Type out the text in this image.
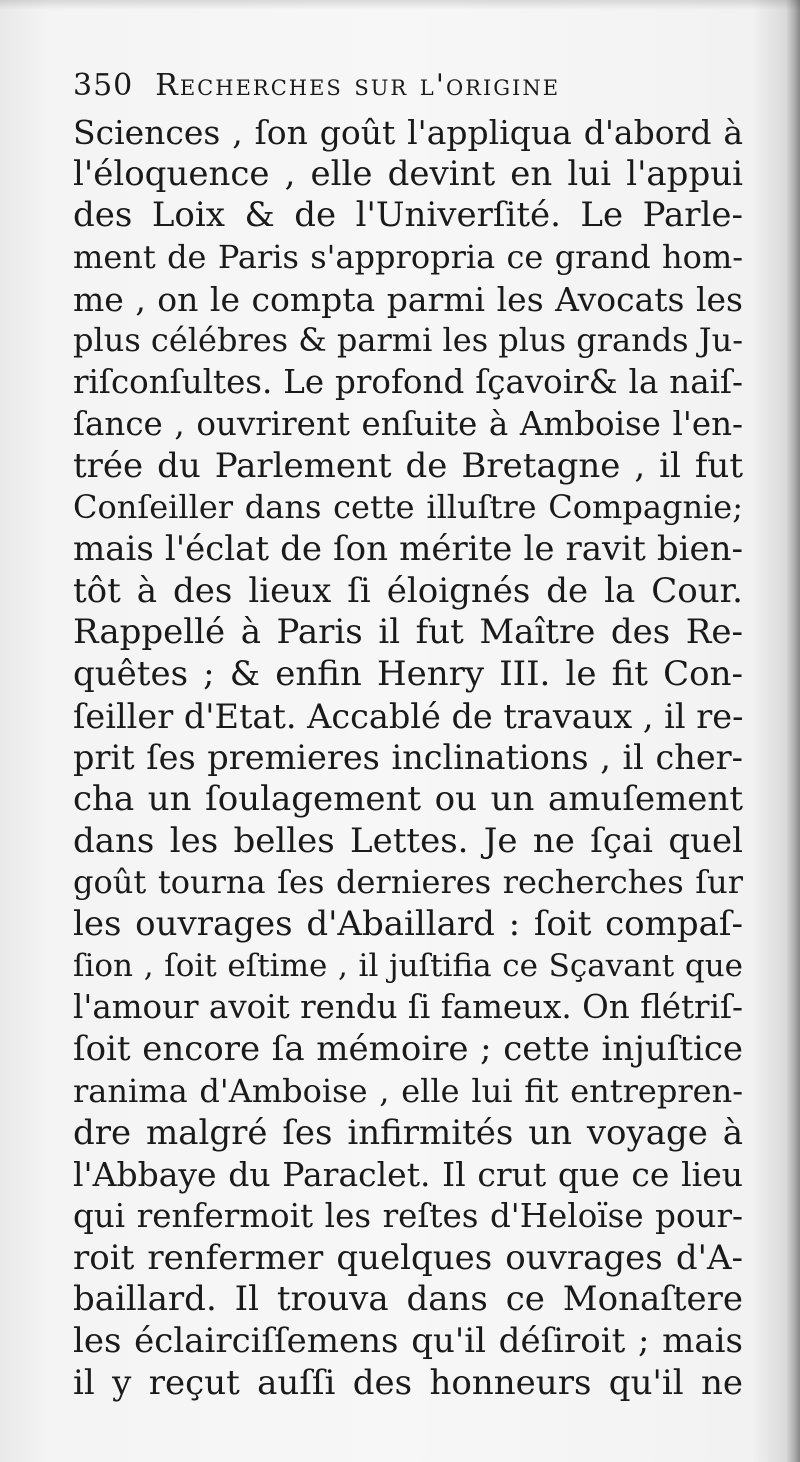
350 Recherches sur l'origine
Sciences , ſon goût l'appliqua d'abord à
l'éloquence , elle devint en lui l'appui
des Loix & de l'Univerſité. Le Parle-
ment de Paris s'appropria ce grand hom-
me , on le compta parmi les Avocats les
plus célébres & parmi les plus grands Ju-
riſconſultes. Le profond ſçavoir& la naiſ-
ſance , ouvrirent enſuite à Amboise l'en-
trée du Parlement de Bretagne , il fut
Conſeiller dans cette illuſtre Compagnie;
mais l'éclat de ſon mérite le ravit bien-
tôt à des lieux ſi éloignés de la Cour.
Rappellé à Paris il fut Maître des Re-
quêtes ; & enfin Henry III. le fit Con-
ſeiller d'Etat. Accablé de travaux , il re-
prit ſes premieres inclinations , il cher-
cha un ſoulagement ou un amuſement
dans les belles Lettes. Je ne ſçai quel
goût tourna ſes dernieres recherches ſur
les ouvrages d'Abaillard : ſoit compaſ-
ſion , ſoit eſtime , il juſtifia ce Sçavant que
l'amour avoit rendu ſi fameux. On flétriſ-
ſoit encore ſa mémoire ; cette injuſtice
ranima d'Amboise , elle lui fit entrepren-
dre malgré ſes infirmités un voyage à
l'Abbaye du Paraclet. Il crut que ce lieu
qui renfermoit les reſtes d'Heloïse pour-
roit renfermer quelques ouvrages d'A-
baillard. Il trouva dans ce Monaſtere
les éclairciſſemens qu'il déſiroit ; mais
il y reçut auſſi des honneurs qu'il ne
